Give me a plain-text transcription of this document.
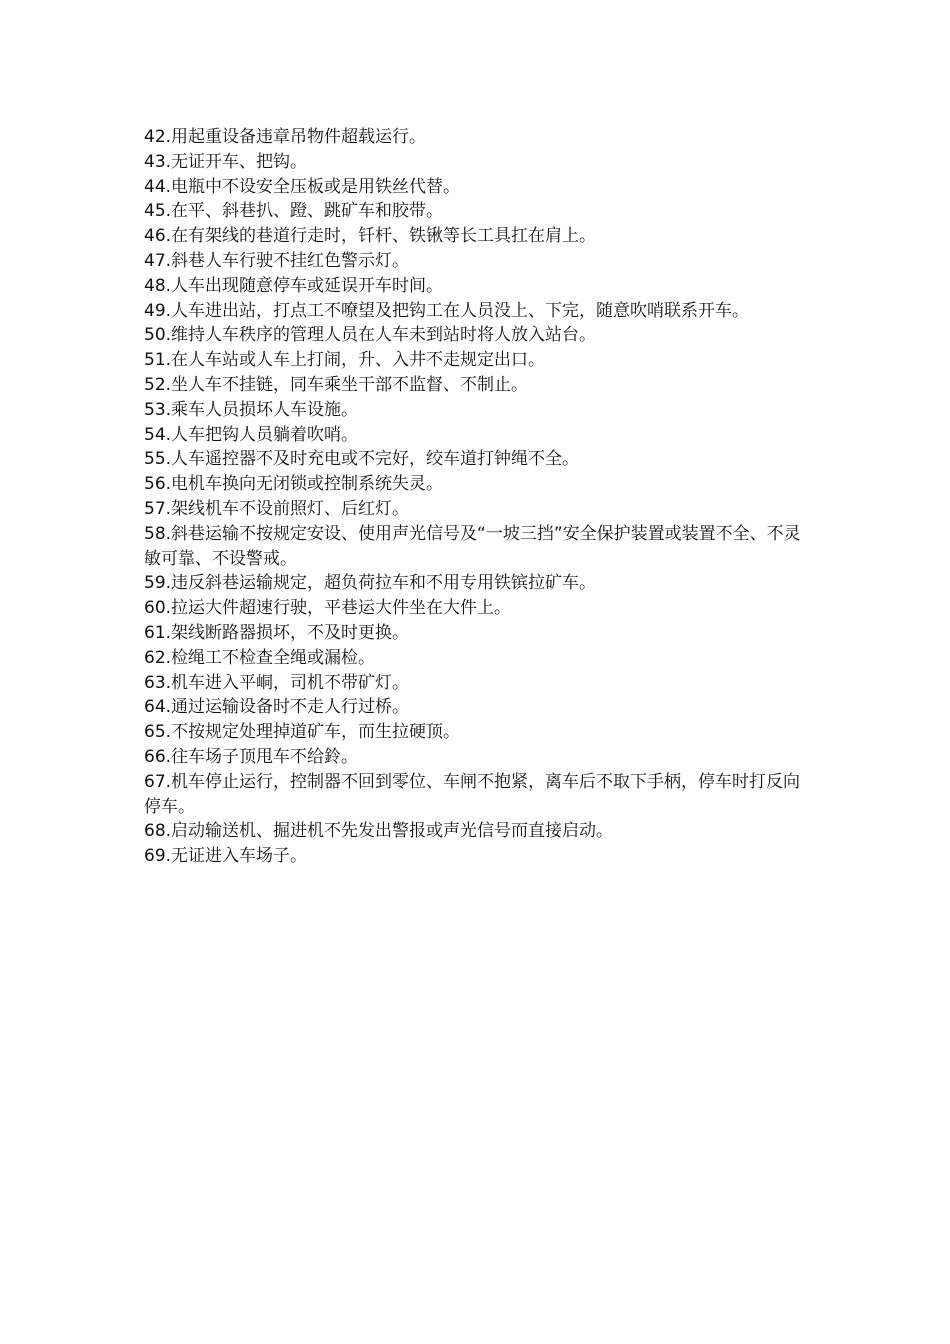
42.用起重设备违章吊物件超载运行。

43.无证开车、把钩。

44.电瓶中不设安全压板或是用铁丝代替。

45.在平、斜巷扒、蹬、跳矿车和胶带。

46.在有架线的巷道行走时，钎杆、铁锹等长工具扛在肩上。

47.斜巷人车行驶不挂红色警示灯。

48.人车出现随意停车或延误开车时间。

49.人车进出站，打点工不嘹望及把钩工在人员没上、下完，随意吹哨联系开车。

50.维持人车秩序的管理人员在人车未到站时将人放入站台。

51.在人车站或人车上打闹，升、入井不走规定出口。

52.坐人车不挂链，同车乘坐干部不监督、不制止。

53.乘车人员损坏人车设施。

54.人车把钩人员躺着吹哨。

55.人车遥控器不及时充电或不完好，绞车道打钟绳不全。

56.电机车换向无闭锁或控制系统失灵。

57.架线机车不设前照灯、后红灯。

58.斜巷运输不按规定安设、使用声光信号及“一坡三挡”安全保护装置或装置不全、不灵敏可靠、不设警戒。

59.违反斜巷运输规定，超负荷拉车和不用专用铁镔拉矿车。

60.拉运大件超速行驶，平巷运大件坐在大件上。

61.架线断路器损坏，不及时更换。

62.检绳工不检查全绳或漏检。

63.机车进入平峒，司机不带矿灯。

64.通过运输设备时不走人行过桥。

65.不按规定处理掉道矿车，而生拉硬顶。

66.往车场子顶甩车不给鈴。

67.机车停止运行，控制器不回到零位、车闸不抱紧，离车后不取下手柄，停车时打反向停车。

68.启动输送机、掘进机不先发出警报或声光信号而直接启动。

69.无证进入车场子。
